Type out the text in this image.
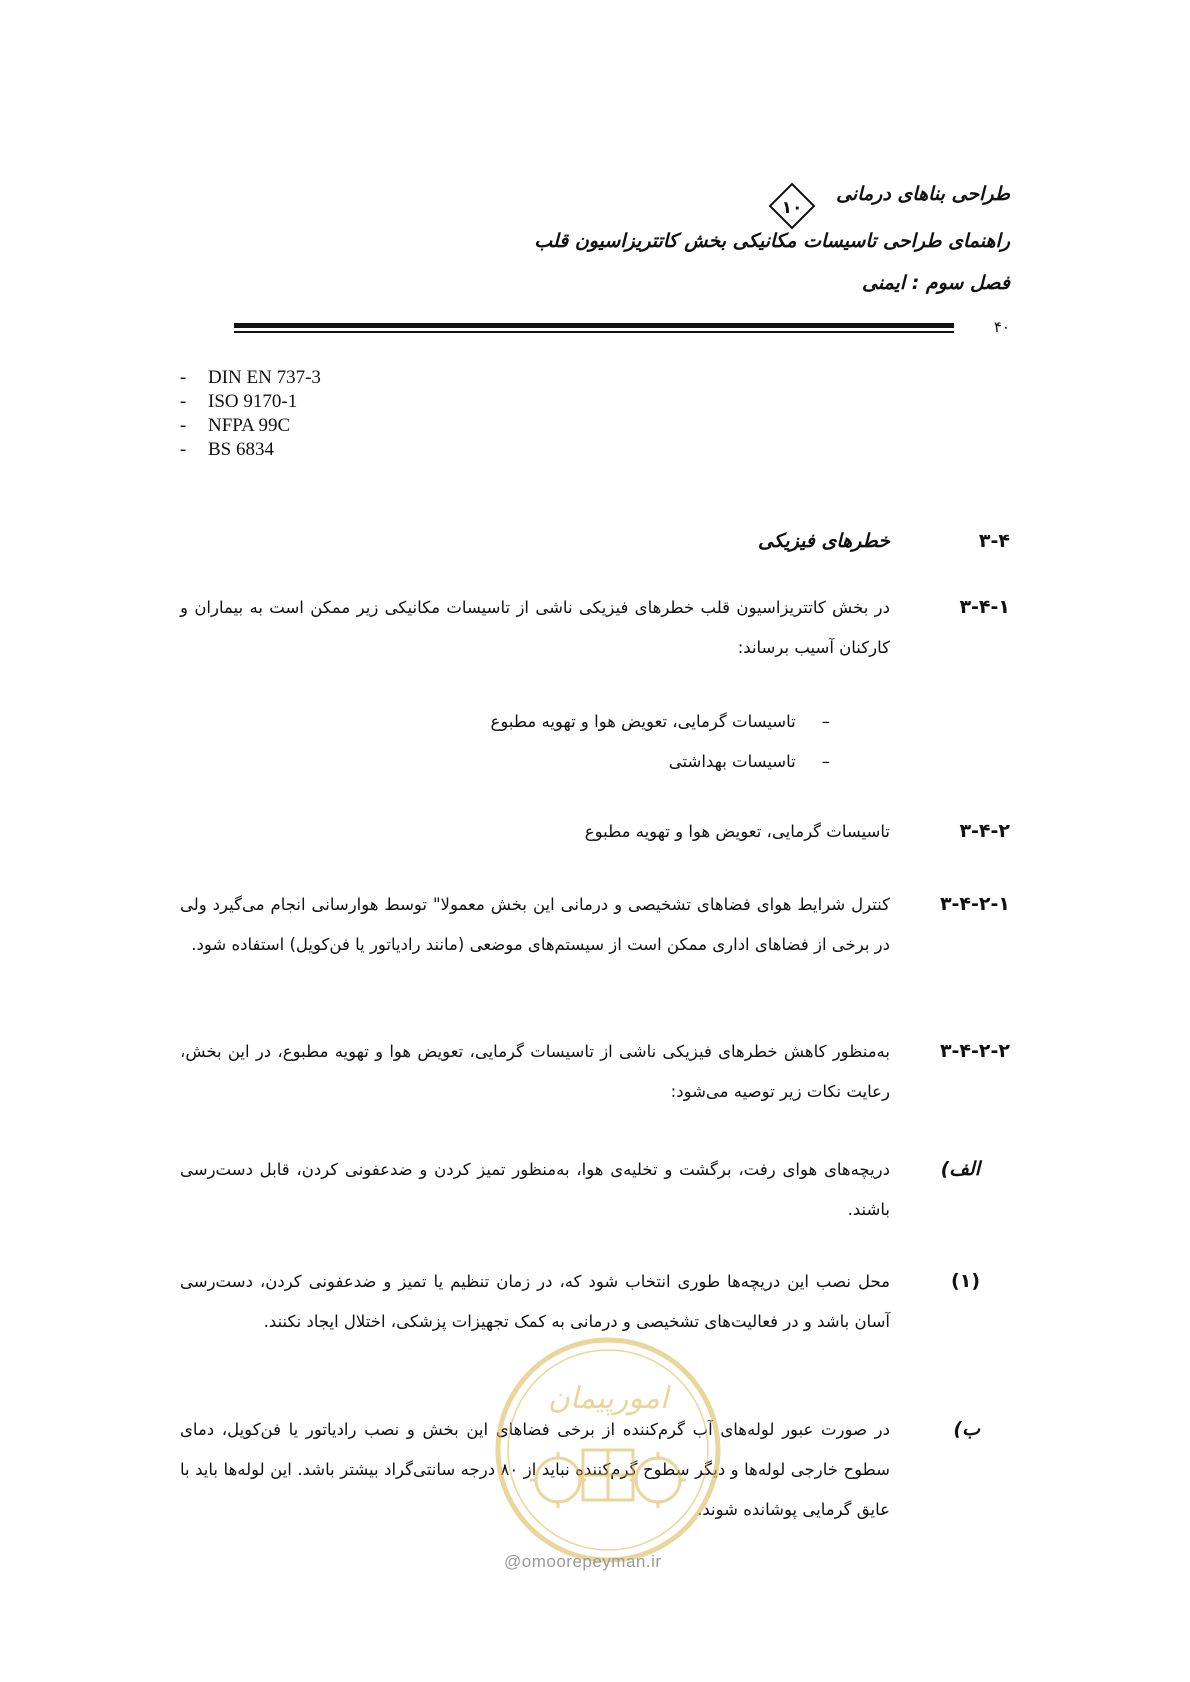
طراحی بناهای درمانی
۱۰
راهنمای طراحی تاسیسات مکانیکی بخش کاتتریزاسیون قلب
فصل سوم : ایمنی
۴۰
- DIN EN 737-3
- ISO 9170-1
- NFPA 99C
- BS 6834
۳-۴
خطرهای فیزیکی
۳-۴-۱
در بخش کاتتریزاسیون قلب خطرهای فیزیکی ناشی از تاسیسات مکانیکی زیر ممکن است به بیماران و کارکنان آسیب برساند:
–تاسیسات گرمایی، تعویض هوا و تهویه مطبوع
–تاسیسات بهداشتی
۳-۴-۲
تاسیسات گرمایی، تعویض هوا و تهویه مطبوع
۳-۴-۲-۱
کنترل شرایط هوای فضاهای تشخیصی و درمانی این بخش معمولا" توسط هوارسانی انجام می‌گیرد ولی در برخی از فضاهای اداری ممکن است از سیستم‌های موضعی (مانند رادیاتور یا فن‌کویل) استفاده شود.
۳-۴-۲-۲
به‌منظور کاهش خطرهای فیزیکی ناشی از تاسیسات گرمایی، تعویض هوا و تهویه مطبوع، در این بخش، رعایت نکات زیر توصیه می‌شود:
الف)
دریچه‌های هوای رفت، برگشت و تخلیه‌ی هوا، به‌منظور تمیز کردن و ضدعفونی کردن، قابل دست‌رسی باشند.
(۱)
محل نصب این دریچه‌ها طوری انتخاب شود که، در زمان تنظیم یا تمیز و ضدعفونی کردن، دست‌رسی آسان باشد و در فعالیت‌های تشخیصی و درمانی به کمک تجهیزات پزشکی، اختلال ایجاد نکنند.
ب)
در صورت عبور لوله‌های آب گرم‌کننده از برخی فضاهای این بخش و نصب رادیاتور یا فن‌کویل، دمای سطوح خارجی لوله‌ها و دیگر سطوح گرم‌کننده نباید از ۸۰ درجه سانتی‌گراد بیشتر باشد. این لوله‌ها باید با عایق گرمایی پوشانده شوند.
امورپیمان
@omoorepeyman.ir
